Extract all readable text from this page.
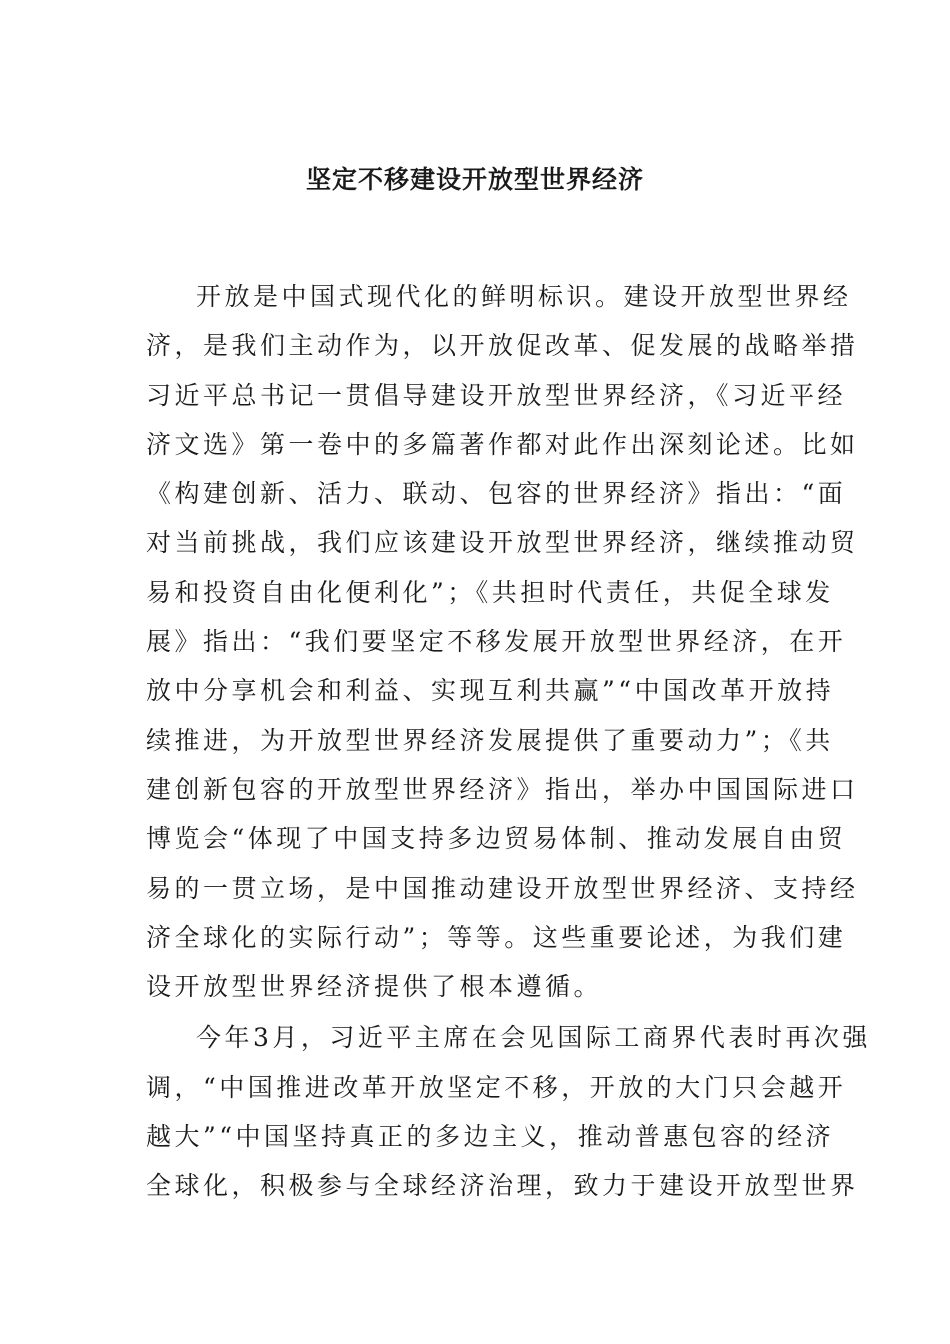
坚定不移建设开放型世界经济

开放是中国式现代化的鲜明标识。建设开放型世界经
济，是我们主动作为，以开放促改革、促发展的战略举措
习近平总书记一贯倡导建设开放型世界经济，《习近平经
济文选》第一卷中的多篇著作都对此作出深刻论述。比如
《构建创新、活力、联动、包容的世界经济》指出：“面
对当前挑战，我们应该建设开放型世界经济，继续推动贸
易和投资自由化便利化”；《共担时代责任，共促全球发
展》指出：“我们要坚定不移发展开放型世界经济，在开
放中分享机会和利益、实现互利共赢”“中国改革开放持
续推进，为开放型世界经济发展提供了重要动力”；《共
建创新包容的开放型世界经济》指出，举办中国国际进口
博览会“体现了中国支持多边贸易体制、推动发展自由贸
易的一贯立场，是中国推动建设开放型世界经济、支持经
济全球化的实际行动”；等等。这些重要论述，为我们建
设开放型世界经济提供了根本遵循。

今年3月，习近平主席在会见国际工商界代表时再次强
调，“中国推进改革开放坚定不移，开放的大门只会越开
越大”“中国坚持真正的多边主义，推动普惠包容的经济
全球化，积极参与全球经济治理，致力于建设开放型世界
